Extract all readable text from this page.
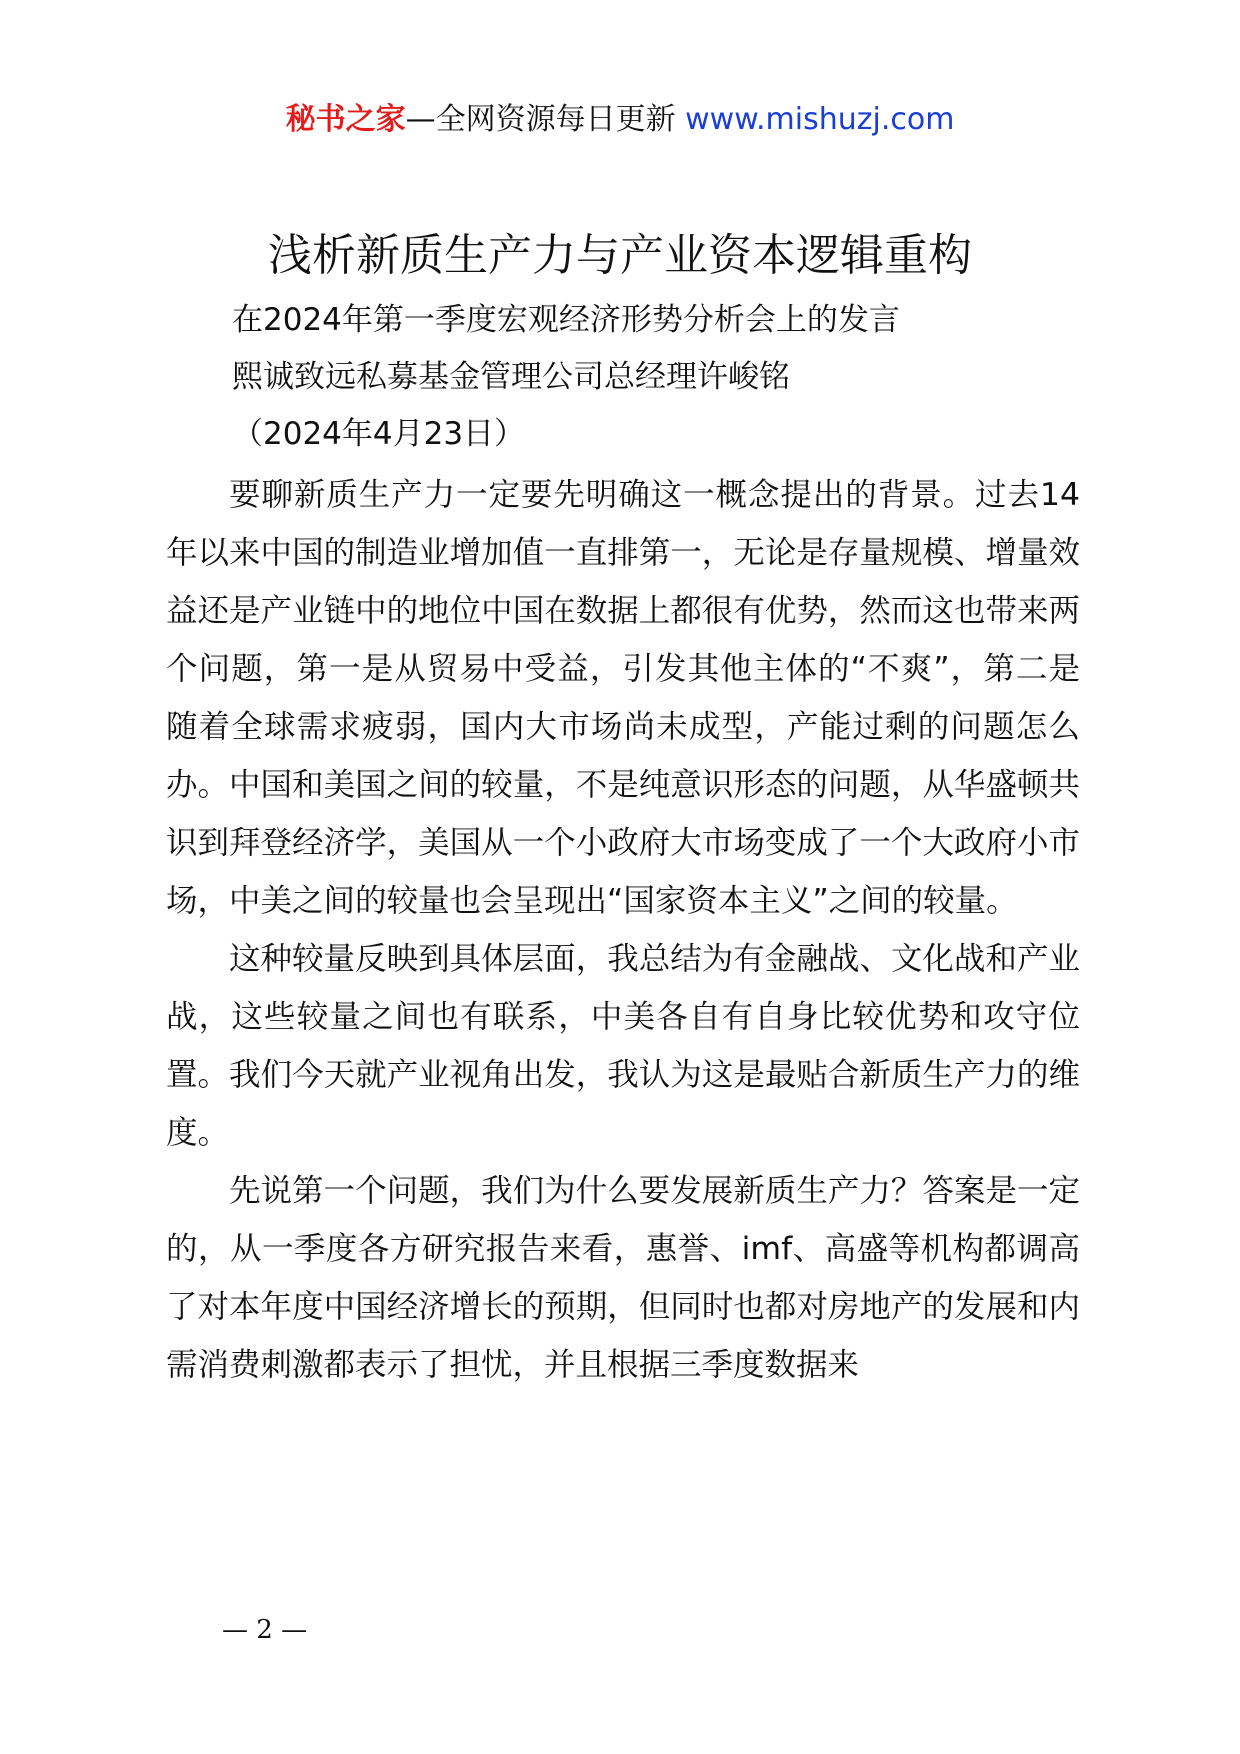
秘书之家—全网资源每日更新 www.mishuzj.com
浅析新质生产力与产业资本逻辑重构
在2024年第一季度宏观经济形势分析会上的发言
熙诚致远私募基金管理公司总经理许峻铭
（2024年4月23日）

要聊新质生产力一定要先明确这一概念提出的背景。过去14年以来中国的制造业增加值一直排第一，无论是存量规模、增量效益还是产业链中的地位中国在数据上都很有优势，然而这也带来两个问题，第一是从贸易中受益，引发其他主体的“不爽”，第二是随着全球需求疲弱，国内大市场尚未成型，产能过剩的问题怎么办。中国和美国之间的较量，不是纯意识形态的问题，从华盛顿共识到拜登经济学，美国从一个小政府大市场变成了一个大政府小市场，中美之间的较量也会呈现出“国家资本主义”之间的较量。

这种较量反映到具体层面，我总结为有金融战、文化战和产业战，这些较量之间也有联系，中美各自有自身比较优势和攻守位置。我们今天就产业视角出发，我认为这是最贴合新质生产力的维度。

先说第一个问题，我们为什么要发展新质生产力？答案是一定的，从一季度各方研究报告来看，惠誉、imf、高盛等机构都调高了对本年度中国经济增长的预期，但同时也都对房地产的发展和内需消费刺激都表示了担忧，并且根据三季度数据来

— 2 —
